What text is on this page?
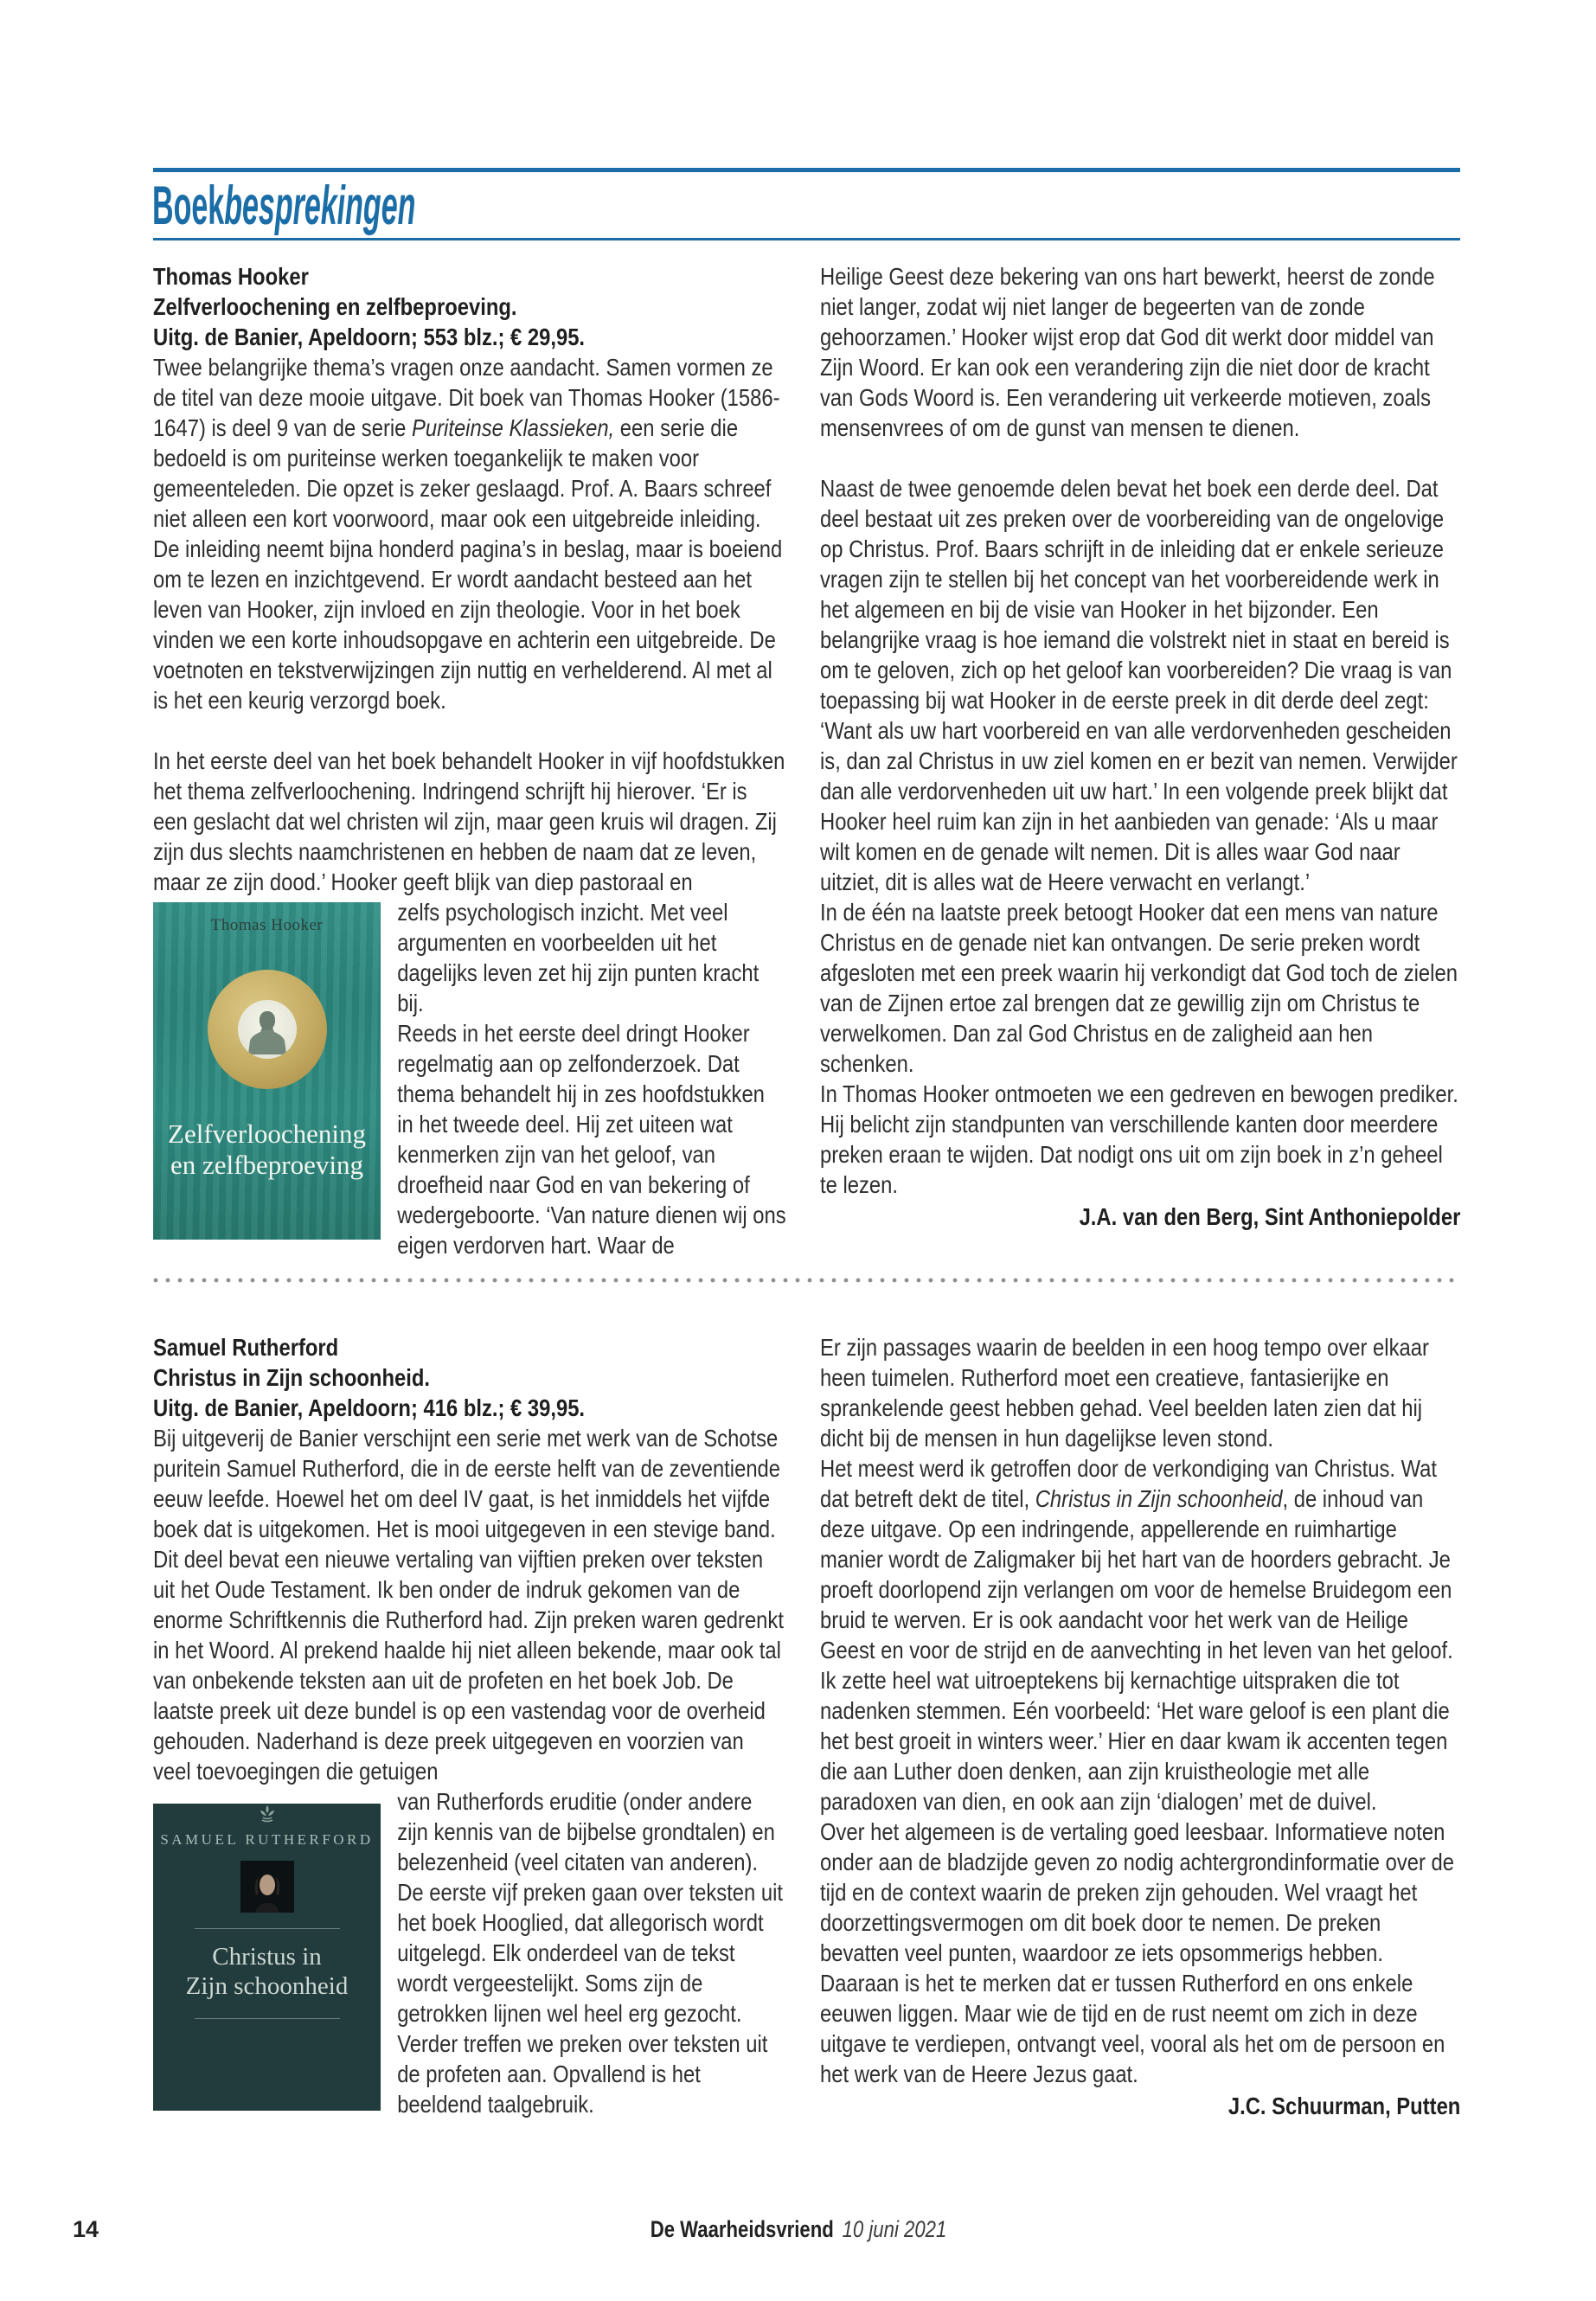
Boekbesprekingen

Thomas Hooker

Zelfverloochening en zelfbeproeving.

Uitg. de Banier, Apeldoorn; 553 blz.; € 29,95.

Twee belangrijke thema’s vragen onze aandacht. Samen vormen ze de titel van deze mooie uitgave. Dit boek van Thomas Hooker (1586-1647) is deel 9 van de serie Puriteinse Klassieken, een serie die bedoeld is om puriteinse werken toegankelijk te maken voor gemeenteleden. Die opzet is zeker geslaagd. Prof. A. Baars schreef niet alleen een kort voorwoord, maar ook een uitgebreide inleiding. De inleiding neemt bijna honderd pagina’s in beslag, maar is boeiend om te lezen en inzichtgevend. Er wordt aandacht besteed aan het leven van Hooker, zijn invloed en zijn theologie. Voor in het boek vinden we een korte inhoudsopgave en achterin een uitgebreide. De voetnoten en tekstverwijzingen zijn nuttig en verhelderend. Al met al is het een keurig verzorgd boek.

In het eerste deel van het boek behandelt Hooker in vijf hoofdstukken het thema zelfverloochening. Indringend schrijft hij hierover. ‘Er is een geslacht dat wel christen wil zijn, maar geen kruis wil dragen. Zij zijn dus slechts naamchristenen en hebben de naam dat ze leven, maar ze zijn dood.’ Hooker geeft blijk van diep pastoraal en

Thomas Hooker
Zelfverloochening
en zelfbeproeving

zelfs psychologisch inzicht. Met veel argumenten en voorbeelden uit het dagelijks leven zet hij zijn punten kracht bij.

Reeds in het eerste deel dringt Hooker regelmatig aan op zelfonderzoek. Dat thema behandelt hij in zes hoofdstukken in het tweede deel. Hij zet uiteen wat kenmerken zijn van het geloof, van droefheid naar God en van bekering of wedergeboorte. ‘Van nature dienen wij ons eigen verdorven hart. Waar de

Heilige Geest deze bekering van ons hart bewerkt, heerst de zonde niet langer, zodat wij niet langer de begeerten van de zonde gehoorzamen.’ Hooker wijst erop dat God dit werkt door middel van Zijn Woord. Er kan ook een verandering zijn die niet door de kracht van Gods Woord is. Een verandering uit verkeerde motieven, zoals mensenvrees of om de gunst van mensen te dienen.

Naast de twee genoemde delen bevat het boek een derde deel. Dat deel bestaat uit zes preken over de voorbereiding van de ongelovige op Christus. Prof. Baars schrijft in de inleiding dat er enkele serieuze vragen zijn te stellen bij het concept van het voorbereidende werk in het algemeen en bij de visie van Hooker in het bijzonder. Een belangrijke vraag is hoe iemand die volstrekt niet in staat en bereid is om te geloven, zich op het geloof kan voorbereiden? Die vraag is van toepassing bij wat Hooker in de eerste preek in dit derde deel zegt: ‘Want als uw hart voorbereid en van alle verdorvenheden gescheiden is, dan zal Christus in uw ziel komen en er bezit van nemen. Verwijder dan alle verdorvenheden uit uw hart.’ In een volgende preek blijkt dat Hooker heel ruim kan zijn in het aanbieden van genade: ‘Als u maar wilt komen en de genade wilt nemen. Dit is alles waar God naar uitziet, dit is alles wat de Heere verwacht en verlangt.’

In de één na laatste preek betoogt Hooker dat een mens van nature Christus en de genade niet kan ontvangen. De serie preken wordt afgesloten met een preek waarin hij verkondigt dat God toch de zielen van de Zijnen ertoe zal brengen dat ze gewillig zijn om Christus te verwelkomen. Dan zal God Christus en de zaligheid aan hen schenken.

In Thomas Hooker ontmoeten we een gedreven en bewogen prediker. Hij belicht zijn standpunten van verschillende kanten door meerdere preken eraan te wijden. Dat nodigt ons uit om zijn boek in z’n geheel te lezen.

J.A. van den Berg, Sint Anthoniepolder

Samuel Rutherford

Christus in Zijn schoonheid.

Uitg. de Banier, Apeldoorn; 416 blz.; € 39,95.

Bij uitgeverij de Banier verschijnt een serie met werk van de Schotse puritein Samuel Rutherford, die in de eerste helft van de zeventiende eeuw leefde. Hoewel het om deel IV gaat, is het inmiddels het vijfde boek dat is uitgekomen. Het is mooi uitgegeven in een stevige band. Dit deel bevat een nieuwe vertaling van vijftien preken over teksten uit het Oude Testament. Ik ben onder de indruk gekomen van de enorme Schriftkennis die Rutherford had. Zijn preken waren gedrenkt in het Woord. Al prekend haalde hij niet alleen bekende, maar ook tal van onbekende teksten aan uit de profeten en het boek Job. De laatste preek uit deze bundel is op een vastendag voor de overheid gehouden. Naderhand is deze preek uitgegeven en voorzien van veel toevoegingen die getuigen

SAMUEL RUTHERFORD
Christus in
Zijn schoonheid

van Rutherfords eruditie (onder andere zijn kennis van de bijbelse grondtalen) en belezenheid (veel citaten van anderen).

De eerste vijf preken gaan over teksten uit het boek Hooglied, dat allegorisch wordt uitgelegd. Elk onderdeel van de tekst wordt vergeestelijkt. Soms zijn de getrokken lijnen wel heel erg gezocht. Verder treffen we preken over teksten uit de profeten aan. Opvallend is het beeldend taalgebruik.

Er zijn passages waarin de beelden in een hoog tempo over elkaar heen tuimelen. Rutherford moet een creatieve, fantasierijke en sprankelende geest hebben gehad. Veel beelden laten zien dat hij dicht bij de mensen in hun dagelijkse leven stond.

Het meest werd ik getroffen door de verkondiging van Christus. Wat dat betreft dekt de titel, Christus in Zijn schoonheid, de inhoud van deze uitgave. Op een indringende, appellerende en ruimhartige manier wordt de Zaligmaker bij het hart van de hoorders gebracht. Je proeft doorlopend zijn verlangen om voor de hemelse Bruidegom een bruid te werven. Er is ook aandacht voor het werk van de Heilige Geest en voor de strijd en de aanvechting in het leven van het geloof.

Ik zette heel wat uitroeptekens bij kernachtige uitspraken die tot nadenken stemmen. Eén voorbeeld: ‘Het ware geloof is een plant die het best groeit in winters weer.’ Hier en daar kwam ik accenten tegen die aan Luther doen denken, aan zijn kruistheologie met alle paradoxen van dien, en ook aan zijn ‘dialogen’ met de duivel.

Over het algemeen is de vertaling goed leesbaar. Informatieve noten onder aan de bladzijde geven zo nodig achtergrondinformatie over de tijd en de context waarin de preken zijn gehouden. Wel vraagt het doorzettingsvermogen om dit boek door te nemen. De preken bevatten veel punten, waardoor ze iets opsommerigs hebben. Daaraan is het te merken dat er tussen Rutherford en ons enkele eeuwen liggen. Maar wie de tijd en de rust neemt om zich in deze uitgave te verdiepen, ontvangt veel, vooral als het om de persoon en het werk van de Heere Jezus gaat.

J.C. Schuurman, Putten

14	De Waarheidsvriend 10 juni 2021
